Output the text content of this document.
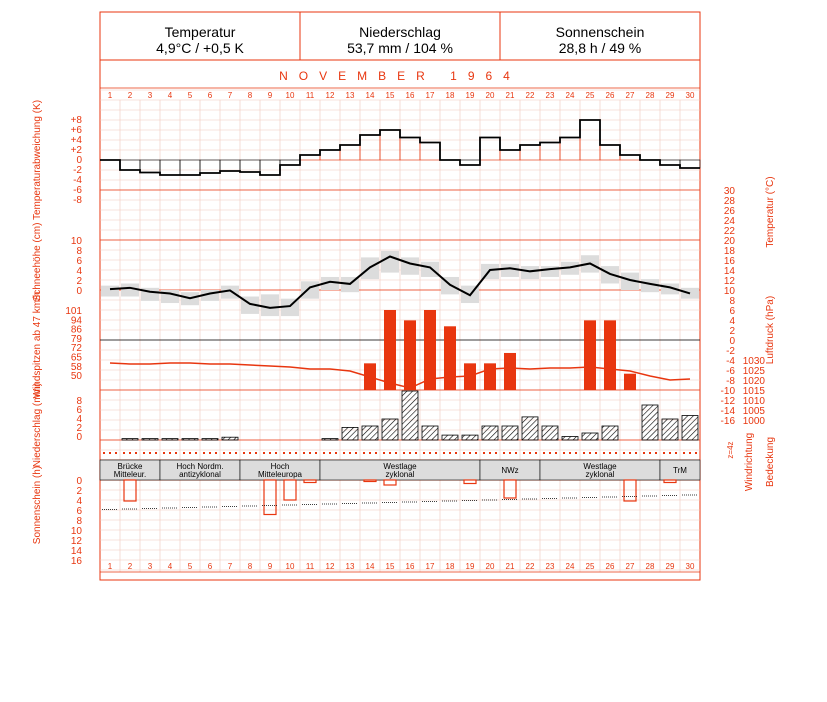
Temperatur
4,9°C / +0,5 K
Niederschlag
53,7 mm / 104 %
Sonnenschein
28,8 h / 49 %
NOVEMBER 1964
1
1
2
2
3
3
4
4
5
5
6
6
7
7
8
8
9
9
10
10
11
11
12
12
13
13
14
14
15
15
16
16
17
17
18
18
19
19
20
20
21
21
22
22
23
23
24
24
25
25
26
26
27
27
28
28
29
29
30
30
+8
+6
+4
+2
0
-2
-4
-6
-8
10
8
6
4
2
0
101
94
86
79
72
65
58
50
8
6
4
2
0
0
2
4
6
8
10
12
14
16
30
28
26
24
22
20
18
16
14
12
10
8
6
4
2
0
-2
-4
-6
-8
-10
-12
-14
-16
1030
1025
1020
1015
1010
1005
1000
Temperaturabweichung (K)
Schneehöhe (cm)
Windspitzen ab 47 km/h
Niederschlag (mm)
Sonnenschein (h)
Temperatur (°C)
Luftdruck (hPa)
Windrichtung Bedeckung
z=4z
Brücke
Mitteleur.
Hoch Nordm.
antizyklonal
Hoch
Mitteleuropa
Westlage
zyklonal	NWz	Westlage
zyklonal	TrM
